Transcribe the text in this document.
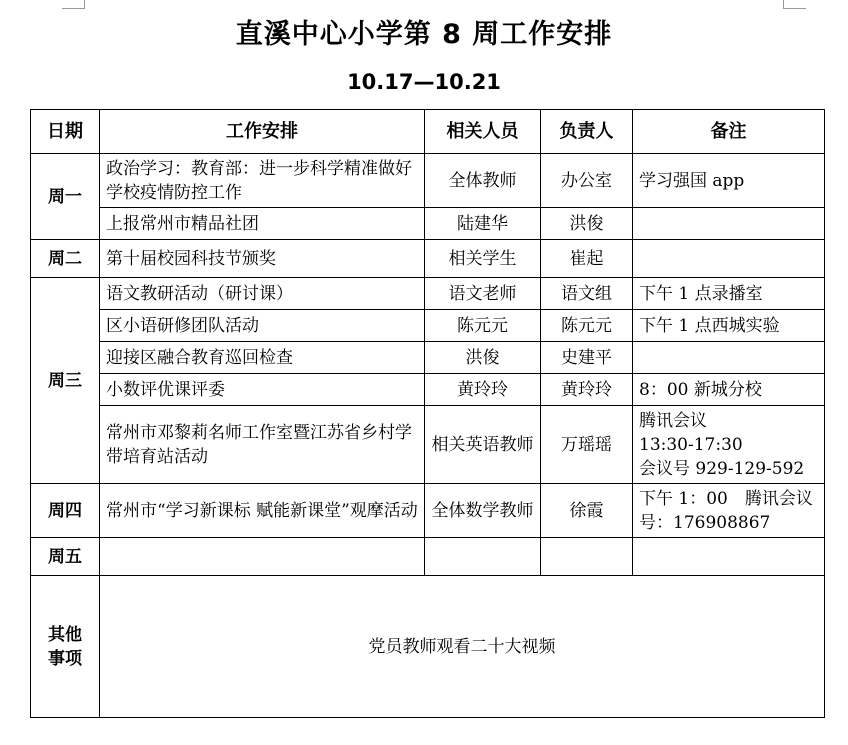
直溪中心小学第 8 周工作安排
10.17—10.21
日期	工作安排	相关人员	负责人	备注
周一	政治学习：教育部：进一步科学精准做好学校疫情防控工作	全体教师	办公室	学习强国 app
	上报常州市精品社团	陆建华	洪俊	
周二	第十届校园科技节颁奖	相关学生	崔起	
周三	语文教研活动（研讨课）	语文老师	语文组	下午 1 点录播室
	区小语研修团队活动	陈元元	陈元元	下午 1 点西城实验
	迎接区融合教育巡回检查	洪俊	史建平	
	小数评优课评委	黄玲玲	黄玲玲	8：00 新城分校
	常州市邓黎莉名师工作室暨江苏省乡村学带培育站活动	相关英语教师	万瑶瑶	腾讯会议
13:30-17:30
会议号 929-129-592

周四	常州市“学习新课标 赋能新课堂”观摩活动	全体数学教师	徐霞	下午 1：00　腾讯会议号：176908867
周五				

其他
事项	党员教师观看二十大视频			
